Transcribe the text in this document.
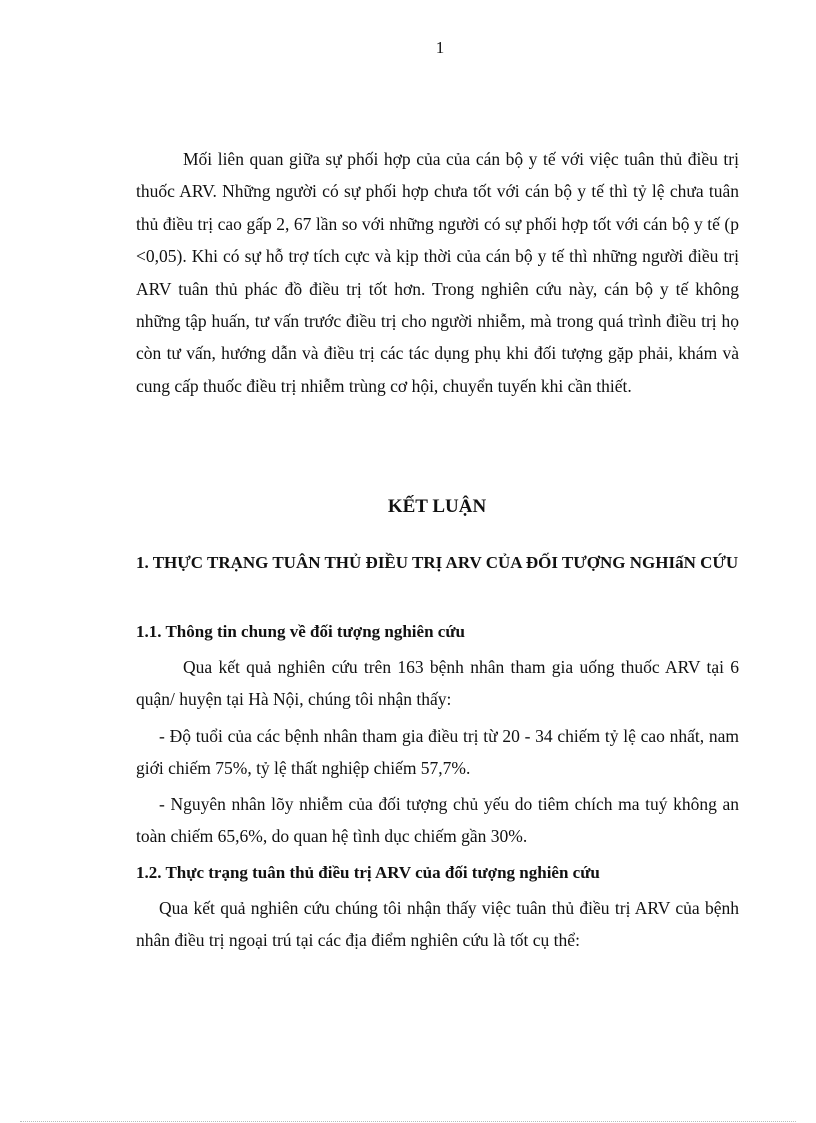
1

Mối liên quan giữa sự phối hợp của của cán bộ y tế với việc tuân thủ điều trị thuốc ARV. Những người có sự phối hợp chưa tốt với cán bộ y tế thì tỷ lệ chưa tuân thủ điều trị cao gấp 2, 67 lần so với những người có sự phối hợp tốt với cán bộ y tế (p <0,05). Khi có sự hỗ trợ tích cực và kịp thời của cán bộ y tế thì những người điều trị ARV tuân thủ phác đồ điều trị tốt hơn. Trong nghiên cứu này, cán bộ y tế không những tập huấn, tư vấn trước điều trị cho người nhiễm, mà trong quá trình điều trị họ còn tư vấn, hướng dẫn và điều trị các tác dụng phụ khi đối tượng gặp phải, khám và cung cấp thuốc điều trị nhiễm trùng cơ hội, chuyển tuyến khi cần thiết.

KẾT LUẬN
1. THỰC TRẠNG TUÂN THỦ ĐIỀU TRỊ ARV CỦA ĐỐI TƯỢNG NGHIấN CỨU
1.1. Thông tin chung về đối tượng nghiên cứu

Qua kết quả nghiên cứu trên 163 bệnh nhân tham gia uống thuốc ARV tại 6 quận/ huyện tại Hà Nội, chúng tôi nhận thấy:

- Độ tuổi của các bệnh nhân tham gia điều trị từ 20 - 34 chiếm tỷ lệ cao nhất, nam giới chiếm 75%, tỷ lệ thất nghiệp chiếm 57,7%.

- Nguyên nhân lõy nhiễm của đối tượng chủ yếu do tiêm chích ma tuý không an toàn chiếm 65,6%, do quan hệ tình dục chiếm gần 30%.

1.2. Thực trạng tuân thủ điều trị ARV của đối tượng nghiên cứu

Qua kết quả nghiên cứu chúng tôi nhận thấy việc tuân thủ điều trị ARV của bệnh nhân điều trị ngoại trú tại các địa điểm nghiên cứu là tốt cụ thể:
